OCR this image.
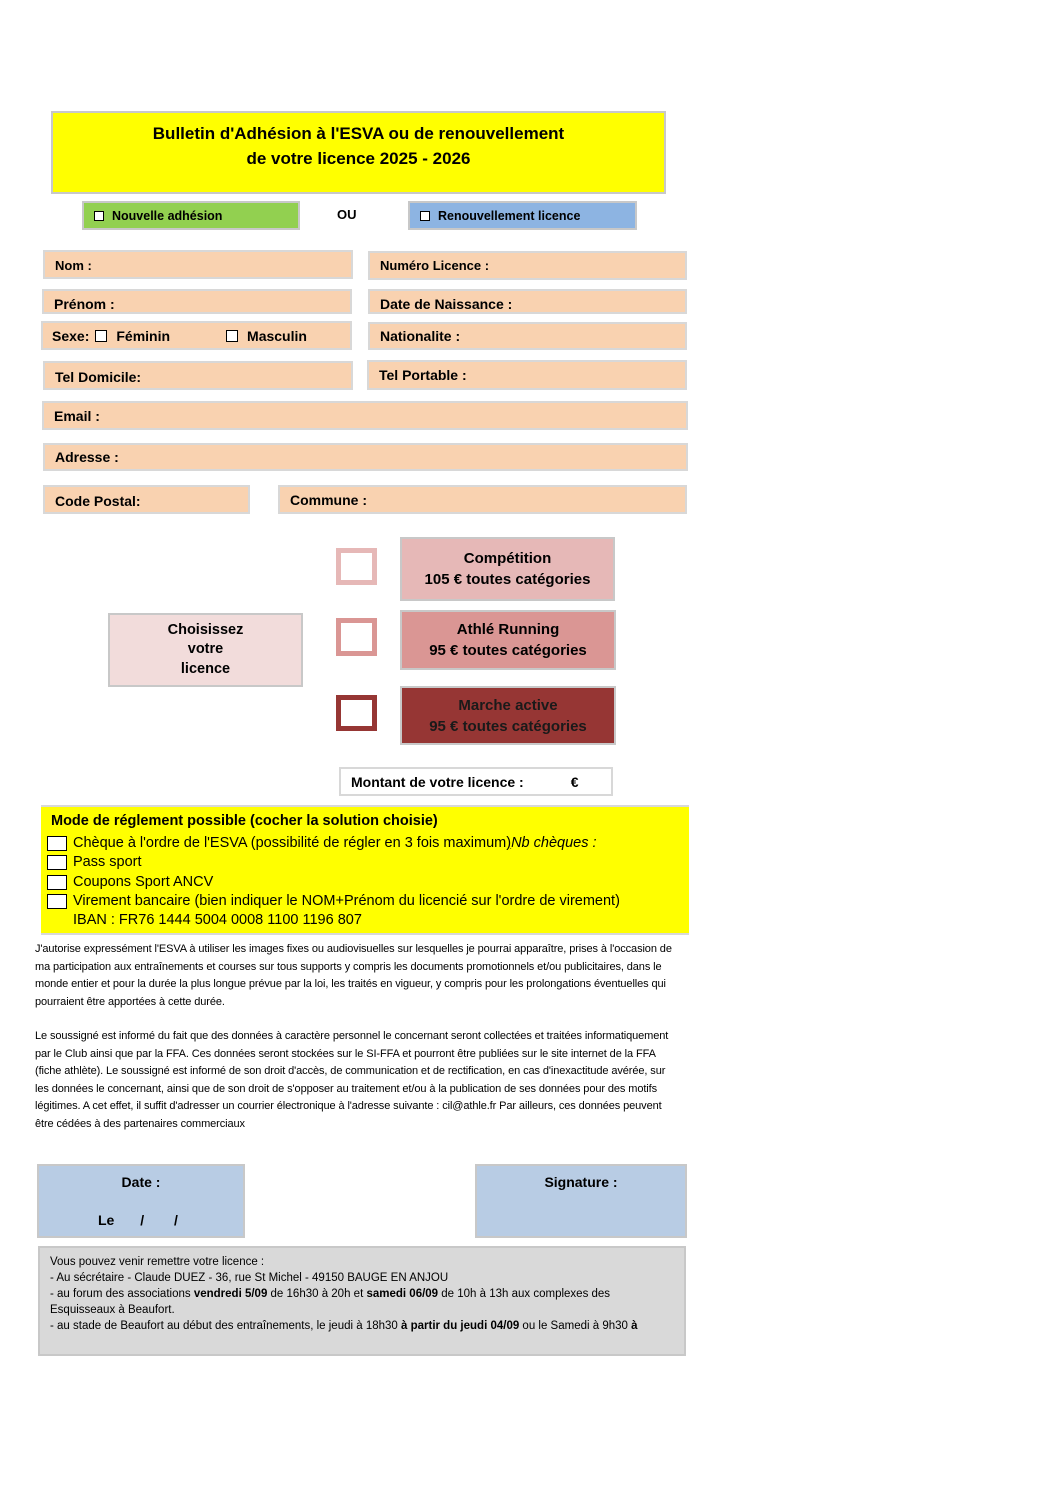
Bulletin d'Adhésion à l'ESVA ou de renouvellement
de votre licence 2025 - 2026
Nouvelle adhésion	OU	Renouvellement licence
Nom :	Numéro Licence :
Prénom :	Date de Naissance :
Sexe: Féminin	Masculin	Nationalite :
Tel Domicile:	Tel Portable :
Email :
Adresse :
Code Postal:	Commune :
Choisissez
votre
licence
Compétition
105 € toutes catégories
Athlé Running
95 € toutes catégories
Marche active
95 € toutes catégories
Montant de votre licence :	€
Mode de réglement possible (cocher la solution choisie)
Chèque à l'ordre de l'ESVA (possibilité de régler en 3 fois maximum ) Nb chèques :
Pass sport
Coupons Sport ANCV
Virement bancaire (bien indiquer le NOM+Prénom du licencié sur l'ordre de virement)
IBAN : FR76 1444 5004 0008 1100 1196 807
J'autorise expressément l'ESVA à utiliser les images fixes ou audiovisuelles sur lesquelles je pourrai apparaître, prises à l'occasion de ma participation aux entraînements et courses sur tous supports y compris les documents promotionnels et/ou publicitaires, dans le monde entier et pour la durée la plus longue prévue par la loi, les traités en vigueur, y compris pour les prolongations éventuelles qui pourraient être apportées à cette durée.
Le soussigné est informé du fait que des données à caractère personnel le concernant seront collectées et traitées informatiquement par le Club ainsi que par la FFA. Ces données seront stockées sur le SI-FFA et pourront être publiées sur le site internet de la FFA (fiche athlète). Le soussigné est informé de son droit d'accès, de communication et de rectification, en cas d'inexactitude avérée, sur les données le concernant, ainsi que de son droit de s'opposer au traitement et/ou à la publication de ses données pour des motifs légitimes. A cet effet, il suffit d'adresser un courrier électronique à l'adresse suivante : cil@athle.fr Par ailleurs, ces données peuvent être cédées à des partenaires commerciaux
Date :
Le / /
Signature :
Vous pouvez venir remettre votre licence :
- Au sécrétaire - Claude DUEZ - 36, rue St Michel - 49150 BAUGE EN ANJOU
- au forum des associations vendredi 5/09 de 16h30 à 20h et samedi 06/09 de 10h à 13h aux complexes des Esquisseaux à Beaufort.
- au stade de Beaufort au début des entraînements, le jeudi à 18h30 à partir du jeudi 04/09 ou le Samedi à 9h30 à
